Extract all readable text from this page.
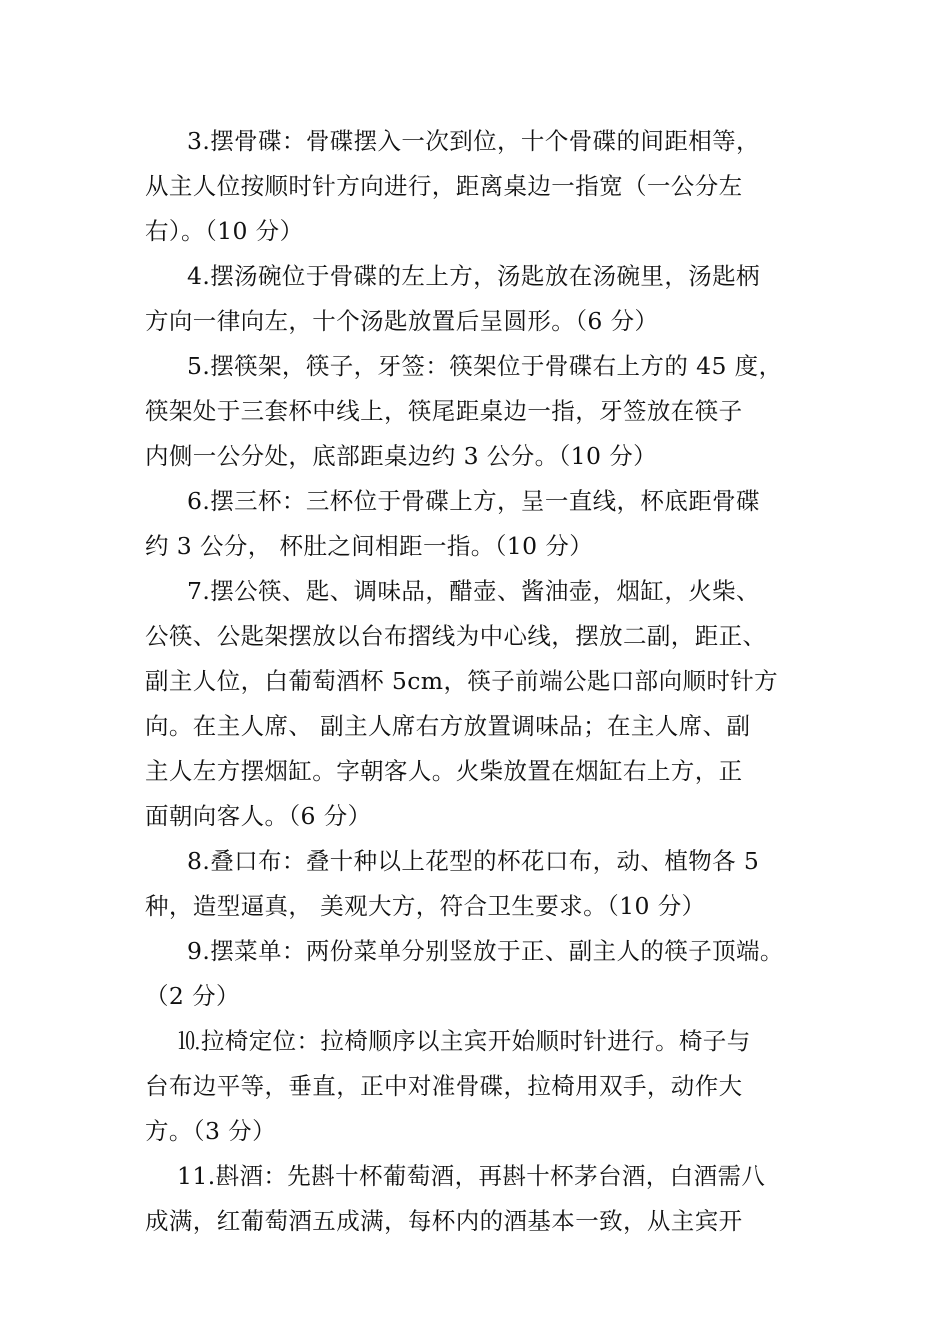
3.摆骨碟：骨碟摆入一次到位，十个骨碟的间距相等，
从主人位按顺时针方向进行，距离桌边一指宽（一公分左
右）。（10 分）
4.摆汤碗位于骨碟的左上方，汤匙放在汤碗里，汤匙柄
方向一律向左，十个汤匙放置后呈圆形。（6 分）
5.摆筷架，筷子，牙签：筷架位于骨碟右上方的 45 度，
筷架处于三套杯中线上，筷尾距桌边一指，牙签放在筷子
内侧一公分处，底部距桌边约 3 公分。（10 分）
6.摆三杯：三杯位于骨碟上方，呈一直线，杯底距骨碟
约 3 公分， 杯肚之间相距一指。（10 分）
7.摆公筷、匙、调味品，醋壶、酱油壶，烟缸，火柴、
公筷、公匙架摆放以台布摺线为中心线，摆放二副，距正、
副主人位，白葡萄酒杯 5cm，筷子前端公匙口部向顺时针方
向。在主人席、 副主人席右方放置调味品；在主人席、副
主人左方摆烟缸。字朝客人。火柴放置在烟缸右上方，正
面朝向客人。（6 分）
8.叠口布：叠十种以上花型的杯花口布，动、植物各 5
种，造型逼真， 美观大方，符合卫生要求。（10 分）
9.摆菜单：两份菜单分别竖放于正、副主人的筷子顶端。
（2 分）
⒑拉椅定位：拉椅顺序以主宾开始顺时针进行。椅子与
台布边平等，垂直，正中对准骨碟，拉椅用双手，动作大
方。（3 分）
11.斟酒：先斟十杯葡萄酒，再斟十杯茅台酒，白酒需八
成满，红葡萄酒五成满，每杯内的酒基本一致，从主宾开
